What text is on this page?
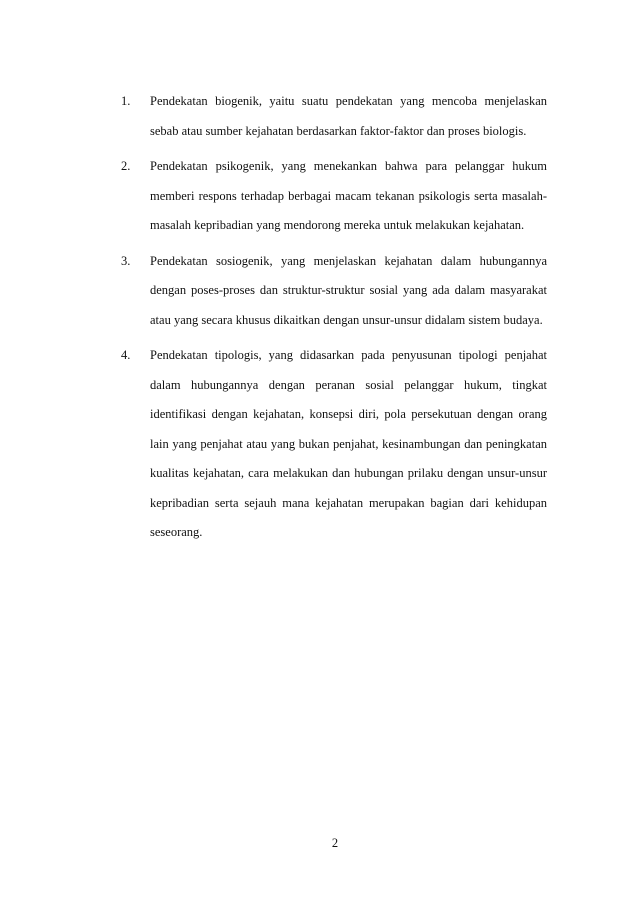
1. Pendekatan biogenik, yaitu suatu pendekatan yang mencoba menjelaskan sebab atau sumber kejahatan berdasarkan faktor-faktor dan proses biologis.
2. Pendekatan psikogenik, yang menekankan bahwa para pelanggar hukum memberi respons terhadap berbagai macam tekanan psikologis serta masalah-masalah kepribadian yang mendorong mereka untuk melakukan kejahatan.
3. Pendekatan sosiogenik, yang menjelaskan kejahatan dalam hubungannya dengan poses-proses dan struktur-struktur sosial yang ada dalam masyarakat atau yang secara khusus dikaitkan dengan unsur-unsur didalam sistem budaya.
4. Pendekatan tipologis, yang didasarkan pada penyusunan tipologi penjahat dalam hubungannya dengan peranan sosial pelanggar hukum, tingkat identifikasi dengan kejahatan, konsepsi diri, pola persekutuan dengan orang lain yang penjahat atau yang bukan penjahat, kesinambungan dan peningkatan kualitas kejahatan, cara melakukan dan hubungan prilaku dengan unsur-unsur kepribadian serta sejauh mana kejahatan merupakan bagian dari kehidupan seseorang.
2
